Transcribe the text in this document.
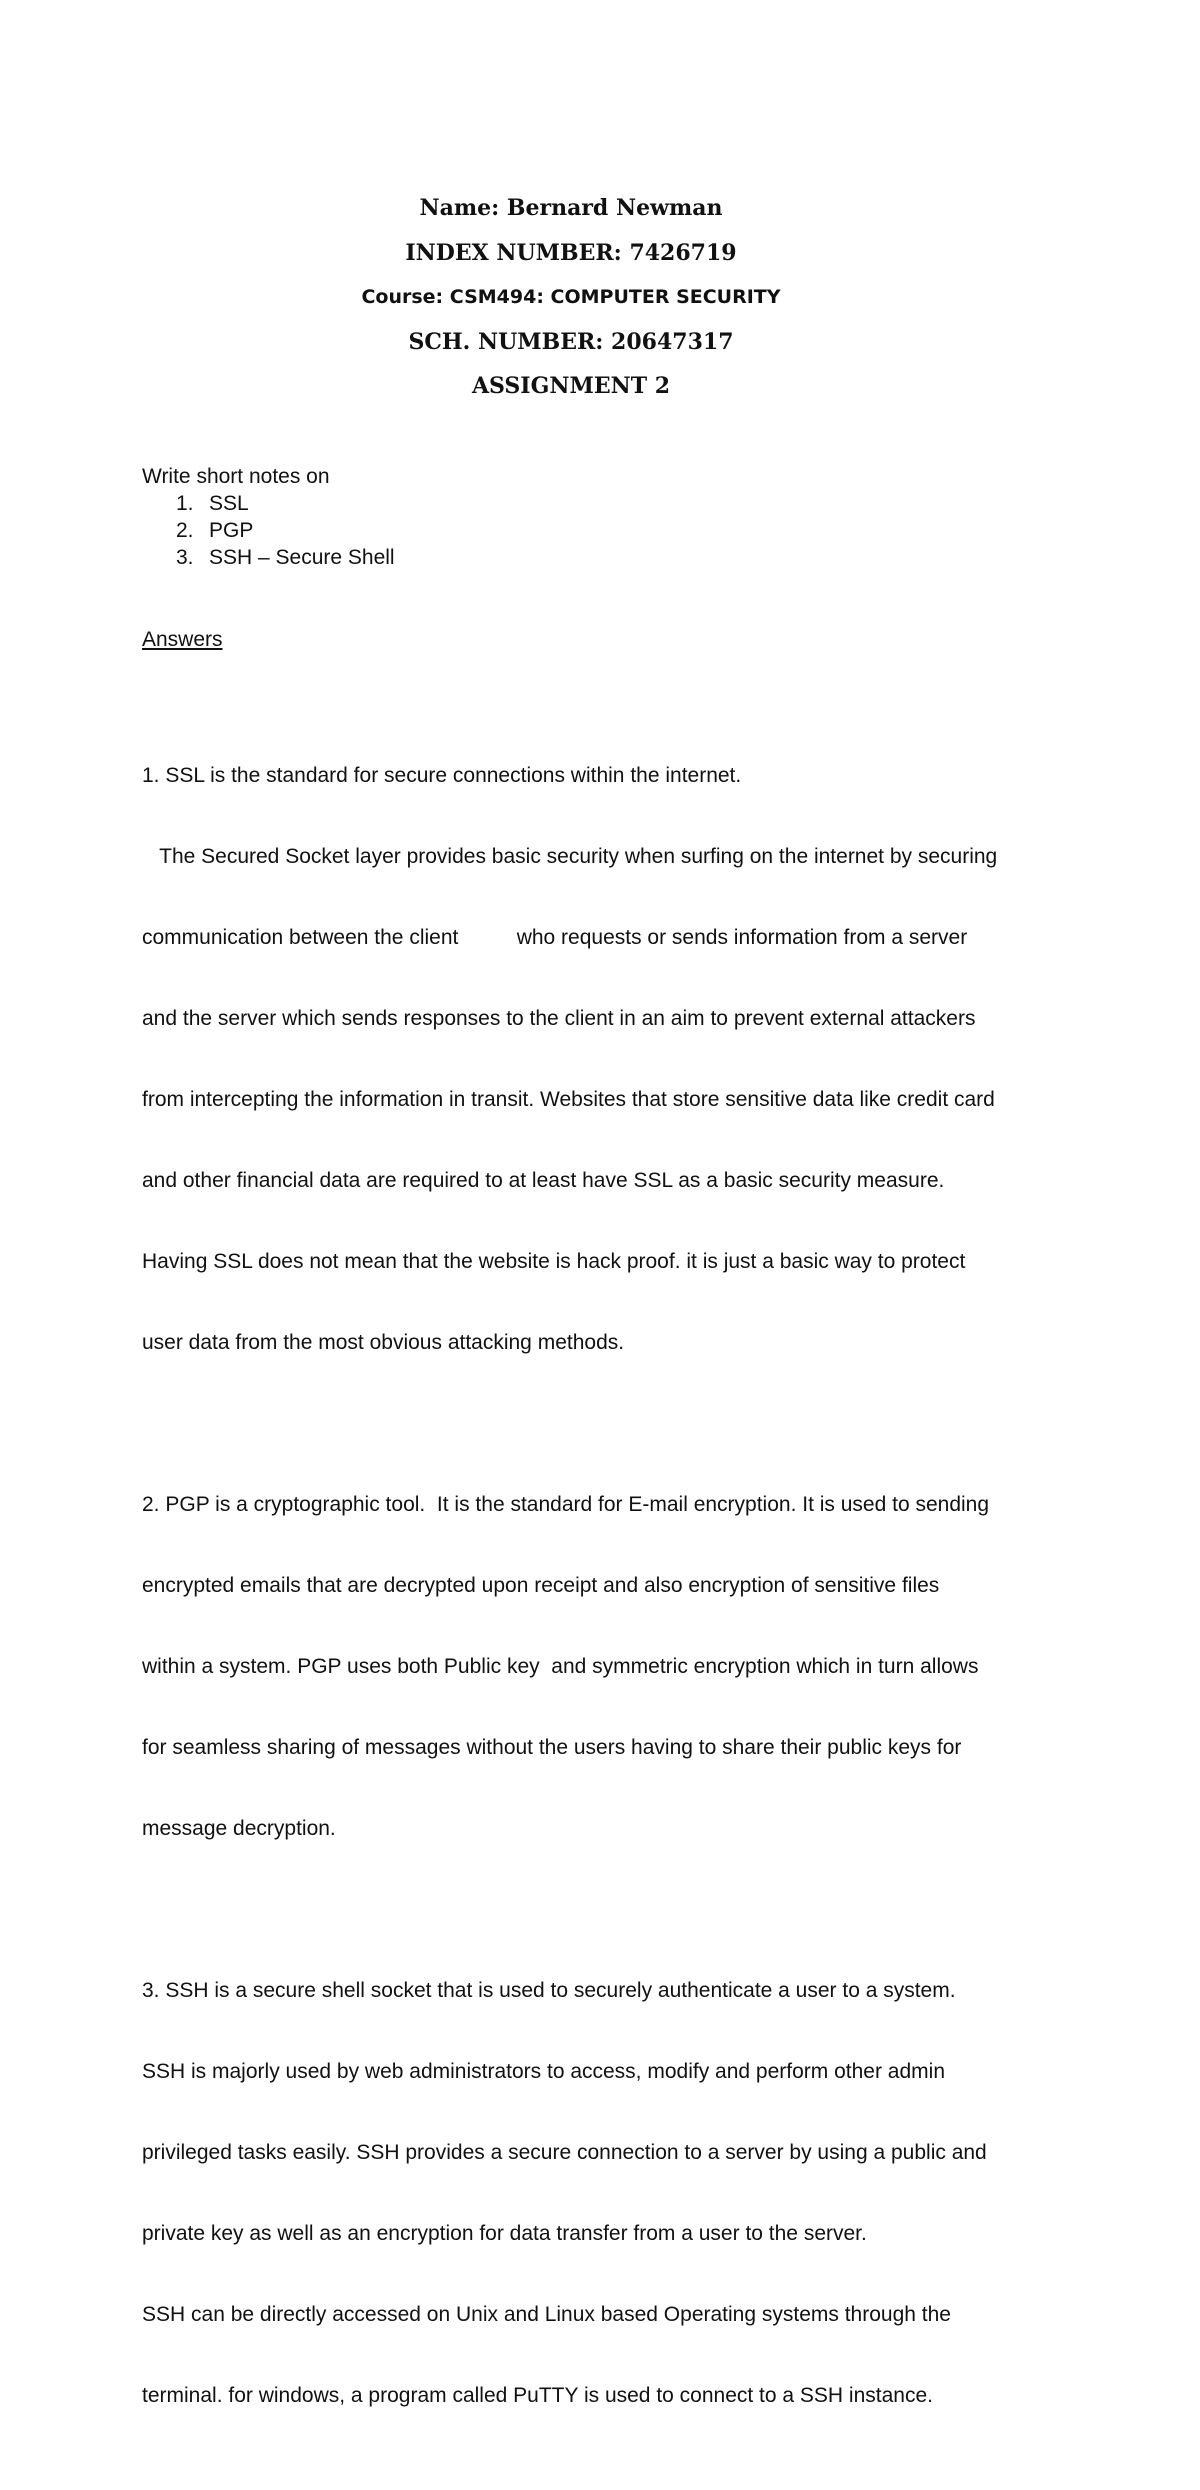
Name: Bernard Newman
INDEX NUMBER: 7426719
Course: CSM494: COMPUTER SECURITY
SCH. NUMBER: 20647317
ASSIGNMENT 2
Write short notes on
1. SSL
2. PGP
3. SSH – Secure Shell
Answers

1. SSL is the standard for secure connections within the internet.

The Secured Socket layer provides basic security when surfing on the internet by securing

communication between the client          who requests or sends information from a server

and the server which sends responses to the client in an aim to prevent external attackers

from intercepting the information in transit. Websites that store sensitive data like credit card

and other financial data are required to at least have SSL as a basic security measure.

Having SSL does not mean that the website is hack proof. it is just a basic way to protect

user data from the most obvious attacking methods.

2. PGP is a cryptographic tool.  It is the standard for E-mail encryption. It is used to sending

encrypted emails that are decrypted upon receipt and also encryption of sensitive files

within a system. PGP uses both Public key  and symmetric encryption which in turn allows

for seamless sharing of messages without the users having to share their public keys for

message decryption.

3. SSH is a secure shell socket that is used to securely authenticate a user to a system.

SSH is majorly used by web administrators to access, modify and perform other admin

privileged tasks easily. SSH provides a secure connection to a server by using a public and

private key as well as an encryption for data transfer from a user to the server.

SSH can be directly accessed on Unix and Linux based Operating systems through the

terminal. for windows, a program called PuTTY is used to connect to a SSH instance.
